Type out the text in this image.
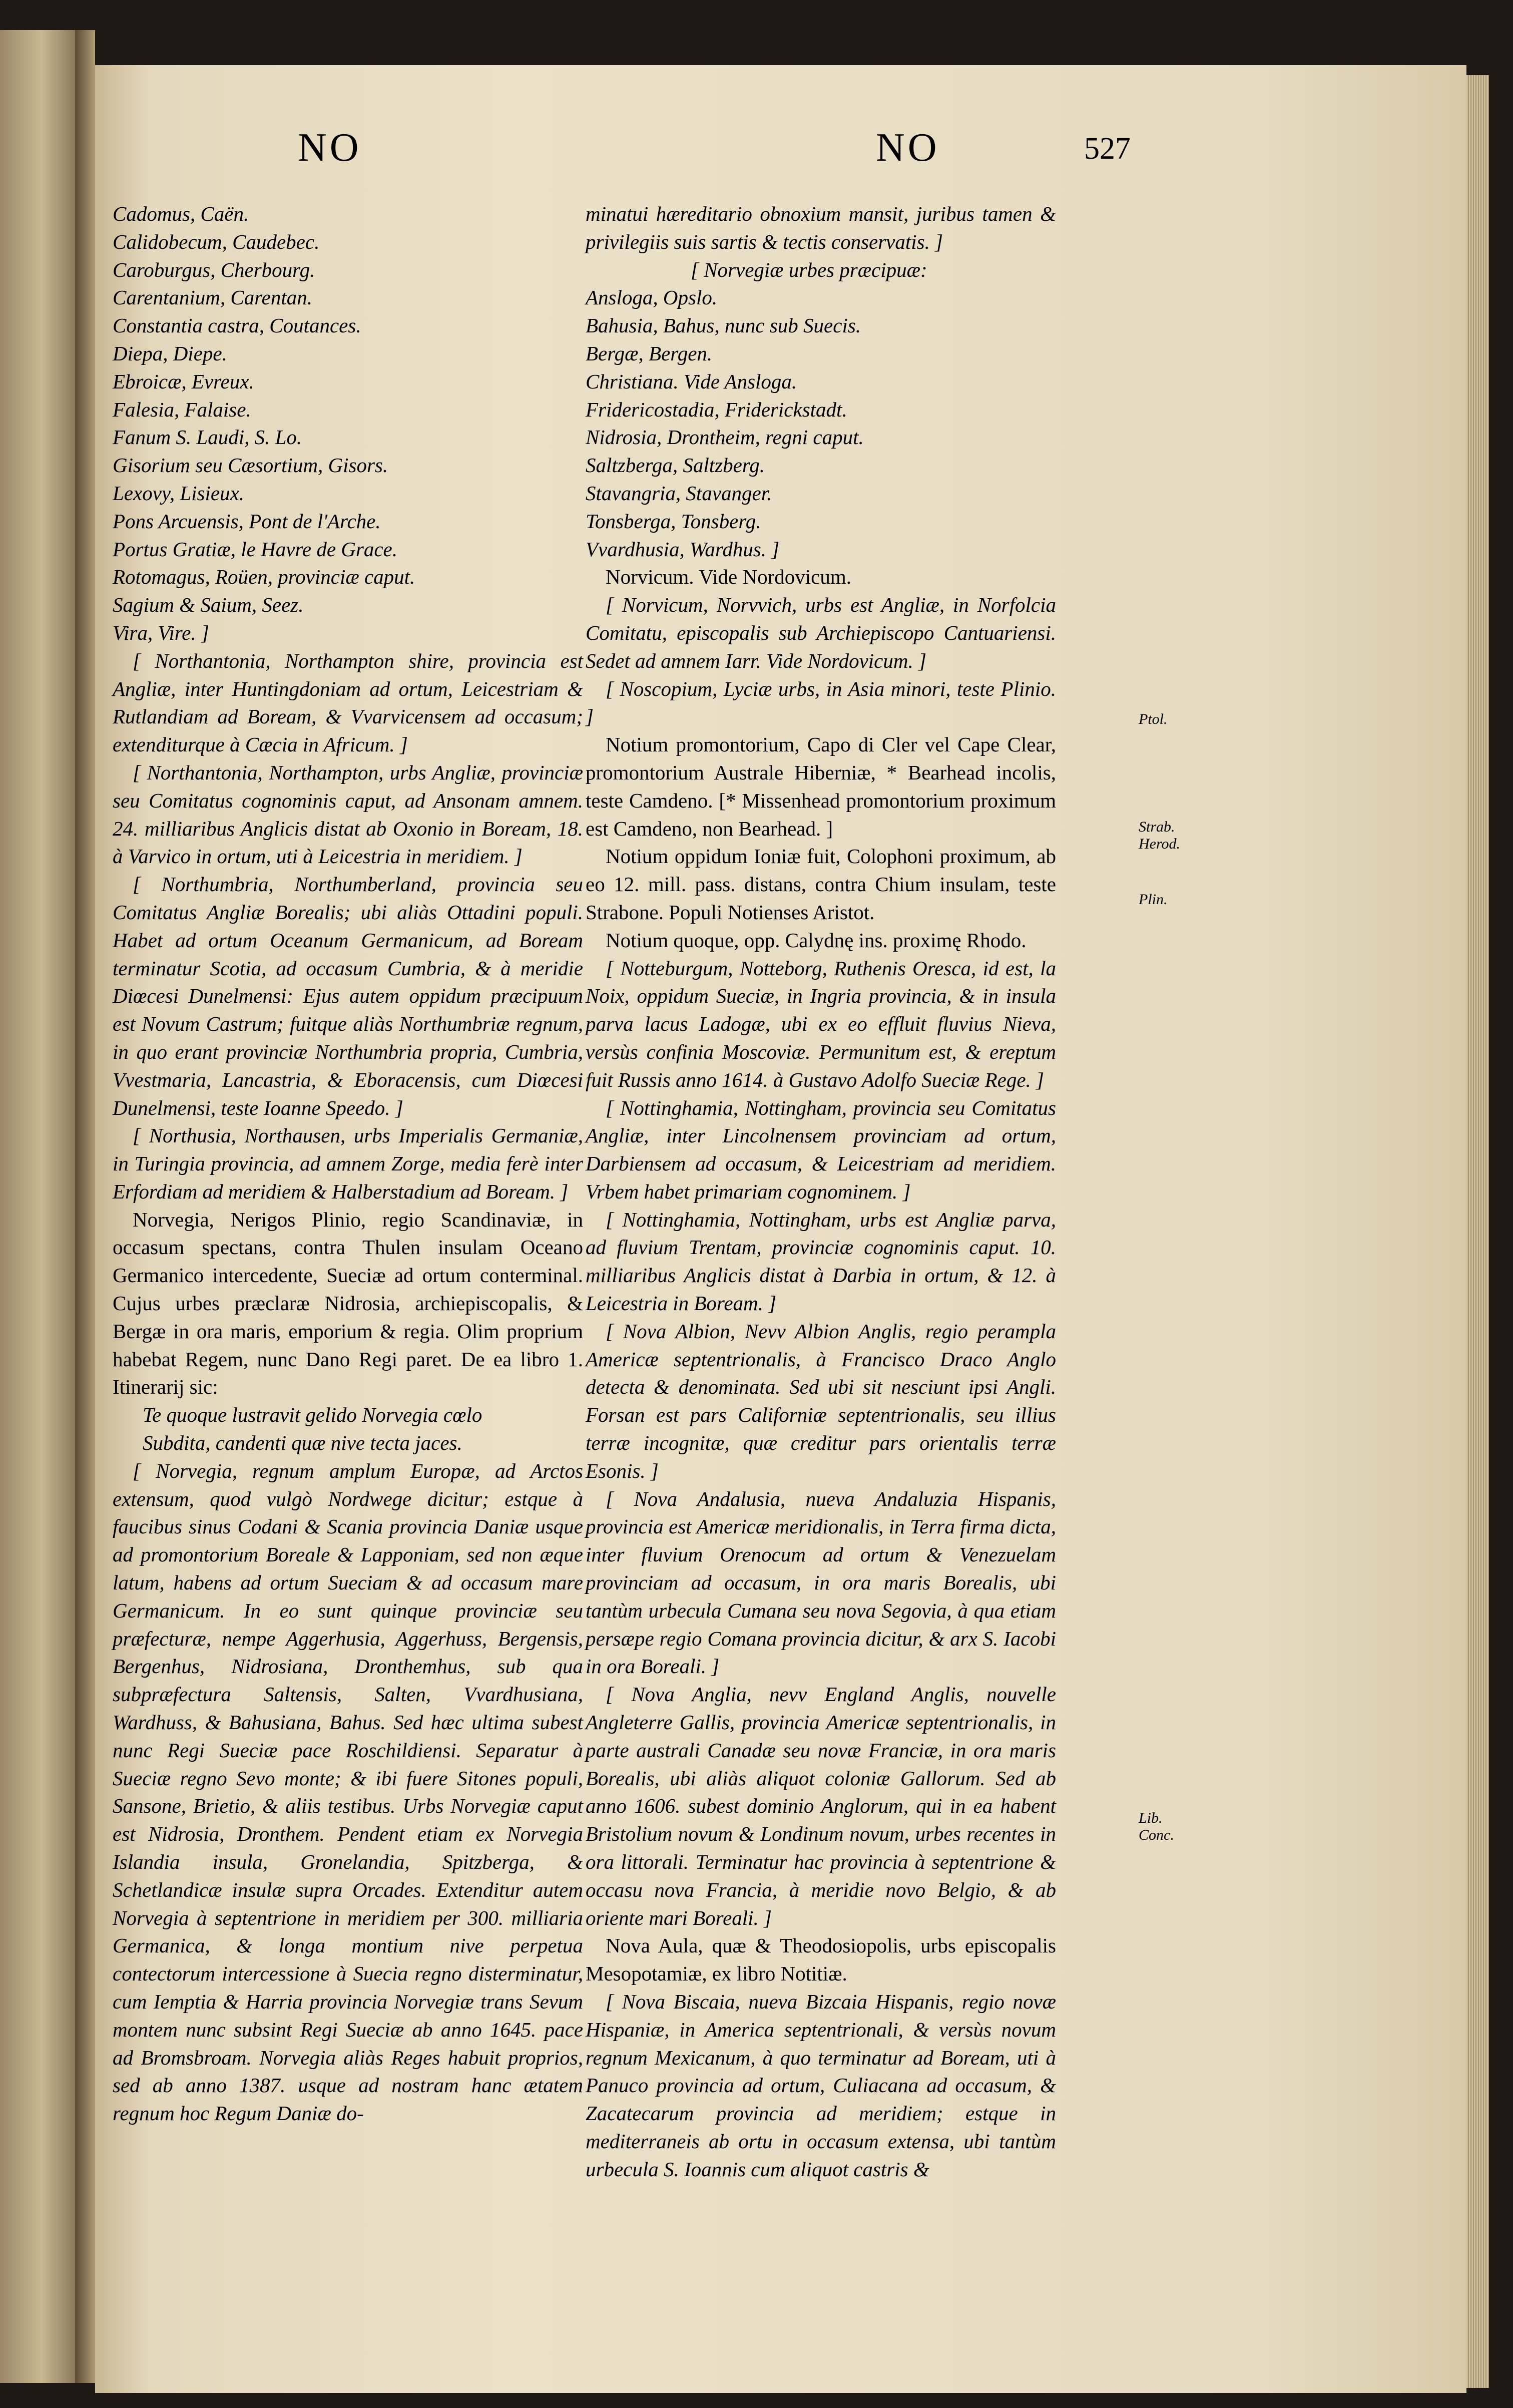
NO	NO	527
Ptol.
Strab. Herod.
Plin.
Lib. Conc.

Cadomus, Caën.

Calidobecum, Caudebec.

Caroburgus, Cherbourg.

Carentanium, Carentan.

Constantia castra, Coutances.

Diepa, Diepe.

Ebroicæ, Evreux.

Falesia, Falaise.

Fanum S. Laudi, S. Lo.

Gisorium seu Cæsortium, Gisors.

Lexovy, Lisieux.

Pons Arcuensis, Pont de l'Arche.

Portus Gratiæ, le Havre de Grace.

Rotomagus, Roüen, provinciæ caput.

Sagium & Saium, Seez.

Vira, Vire. ]

[ Northantonia, Northampton shire, provincia est Angliæ, inter Huntingdoniam ad ortum, Leicestriam & Rutlandiam ad Boream, & Vvarvicensem ad occasum; extenditurque à Cæcia in Africum. ]

[ Northantonia, Northampton, urbs Angliæ, provinciæ seu Comitatus cognominis caput, ad Ansonam amnem. 24. milliaribus Anglicis distat ab Oxonio in Boream, 18. à Varvico in ortum, uti à Leicestria in meridiem. ]

[ Northumbria, Northumberland, provincia seu Comitatus Angliæ Borealis; ubi aliàs Ottadini populi. Habet ad ortum Oceanum Germanicum, ad Boream terminatur Scotia, ad occasum Cumbria, & à meridie Diœcesi Dunelmensi: Ejus autem oppidum præcipuum est Novum Castrum; fuitque aliàs Northumbriæ regnum, in quo erant provinciæ Northumbria propria, Cumbria, Vvestmaria, Lancastria, & Eboracensis, cum Diœcesi Dunelmensi, teste Ioanne Speedo. ]

[ Northusia, Northausen, urbs Imperialis Germaniæ, in Turingia provincia, ad amnem Zorge, media ferè inter Erfordiam ad meridiem & Halberstadium ad Boream. ]

Norvegia, Nerigos Plinio, regio Scandinaviæ, in occasum spectans, contra Thulen insulam Oceano Germanico intercedente, Sueciæ ad ortum conterminal. Cujus urbes præclaræ Nidrosia, archiepiscopalis, & Bergæ in ora maris, emporium & regia. Olim proprium habebat Regem, nunc Dano Regi paret. De ea libro 1. Itinerarij sic:

Te quoque lustravit gelido Norvegia cœlo

Subdita, candenti quæ nive tecta jaces.

[ Norvegia, regnum amplum Europæ, ad Arctos extensum, quod vulgò Nordwege dicitur; estque à faucibus sinus Codani & Scania provincia Daniæ usque ad promontorium Boreale & Lapponiam, sed non æque latum, habens ad ortum Sueciam & ad occasum mare Germanicum. In eo sunt quinque provinciæ seu præfecturæ, nempe Aggerhusia, Aggerhuss, Bergensis, Bergenhus, Nidrosiana, Dronthemhus, sub qua subpræfectura Saltensis, Salten, Vvardhusiana, Wardhuss, & Bahusiana, Bahus. Sed hæc ultima subest nunc Regi Sueciæ pace Roschildiensi. Separatur à Sueciæ regno Sevo monte; & ibi fuere Sitones populi, Sansone, Brietio, & aliis testibus. Urbs Norvegiæ caput est Nidrosia, Dronthem. Pendent etiam ex Norvegia Islandia insula, Gronelandia, Spitzberga, & Schetlandicæ insulæ supra Orcades. Extenditur autem Norvegia à septentrione in meridiem per 300. milliaria Germanica, & longa montium nive perpetua contectorum intercessione à Suecia regno disterminatur, cum Iemptia & Harria provincia Norvegiæ trans Sevum montem nunc subsint Regi Sueciæ ab anno 1645. pace ad Bromsbroam. Norvegia aliàs Reges habuit proprios, sed ab anno 1387. usque ad nostram hanc ætatem regnum hoc Regum Daniæ do-

minatui hæreditario obnoxium mansit, juribus tamen & privilegiis suis sartis & tectis conservatis. ]

[ Norvegiæ urbes præcipuæ:

Ansloga, Opslo.

Bahusia, Bahus, nunc sub Suecis.

Bergæ, Bergen.

Christiana. Vide Ansloga.

Fridericostadia, Friderickstadt.

Nidrosia, Drontheim, regni caput.

Saltzberga, Saltzberg.

Stavangria, Stavanger.

Tonsberga, Tonsberg.

Vvardhusia, Wardhus. ]

Norvicum. Vide Nordovicum.

[ Norvicum, Norvvich, urbs est Angliæ, in Norfolcia Comitatu, episcopalis sub Archiepiscopo Cantuariensi. Sedet ad amnem Iarr. Vide Nordovicum. ]

[ Noscopium, Lyciæ urbs, in Asia minori, teste Plinio. ]

Notium promontorium, Capo di Cler vel Cape Clear, promontorium Australe Hiberniæ, * Bearhead incolis, teste Camdeno. [* Missenhead promontorium proximum est Camdeno, non Bearhead. ]

Notium oppidum Ioniæ fuit, Colophoni proximum, ab eo 12. mill. pass. distans, contra Chium insulam, teste Strabone. Populi Notienses Aristot.

Notium quoque, opp. Calydnę ins. proximę Rhodo.

[ Notteburgum, Notteborg, Ruthenis Oresсa, id est, la Noix, oppidum Sueciæ, in Ingria provincia, & in insula parva lacus Ladogæ, ubi ex eo effluit fluvius Nieva, versùs confinia Moscoviæ. Permunitum est, & ereptum fuit Russis anno 1614. à Gustavo Adolfo Sueciæ Rege. ]

[ Nottinghamia, Nottingham, provincia seu Comitatus Angliæ, inter Lincolnensem provinciam ad ortum, Darbiensem ad occasum, & Leicestriam ad meridiem. Vrbem habet primariam cognominem. ]

[ Nottinghamia, Nottingham, urbs est Angliæ parva, ad fluvium Trentam, provinciæ cognominis caput. 10. milliaribus Anglicis distat à Darbia in ortum, & 12. à Leicestria in Boream. ]

[ Nova Albion, Nevv Albion Anglis, regio perampla Americæ septentrionalis, à Francisco Draco Anglo detecta & denominata. Sed ubi sit nesciunt ipsi Angli. Forsan est pars Californiæ septentrionalis, seu illius terræ incognitæ, quæ creditur pars orientalis terræ Esonis. ]

[ Nova Andalusia, nueva Andaluzia Hispanis, provincia est Americæ meridionalis, in Terra firma dicta, inter fluvium Orenocum ad ortum & Venezuelam provinciam ad occasum, in ora maris Borealis, ubi tantùm urbecula Cumana seu nova Segovia, à qua etiam persæpe regio Comana provincia dicitur, & arx S. Iacobi in ora Boreali. ]

[ Nova Anglia, nevv England Anglis, nouvelle Angleterre Gallis, provincia Americæ septentrionalis, in parte australi Canadæ seu novæ Franciæ, in ora maris Borealis, ubi aliàs aliquot coloniæ Gallorum. Sed ab anno 1606. subest dominio Anglorum, qui in ea habent Bristolium novum & Londinum novum, urbes recentes in ora littorali. Terminatur hac provincia à septentrione & occasu nova Francia, à meridie novo Belgio, & ab oriente mari Boreali. ]

Nova Aula, quæ & Theodosiopolis, urbs episcopalis Mesopotamiæ, ex libro Notitiæ.

[ Nova Biscaia, nueva Bizcaia Hispanis, regio novæ Hispaniæ, in America septentrionali, & versùs novum regnum Mexicanum, à quo terminatur ad Boream, uti à Panuco provincia ad ortum, Culiacana ad occasum, & Zacatecarum provincia ad meridiem; estque in mediterraneis ab ortu in occasum extensa, ubi tantùm urbecula S. Ioannis cum aliquot castris &
